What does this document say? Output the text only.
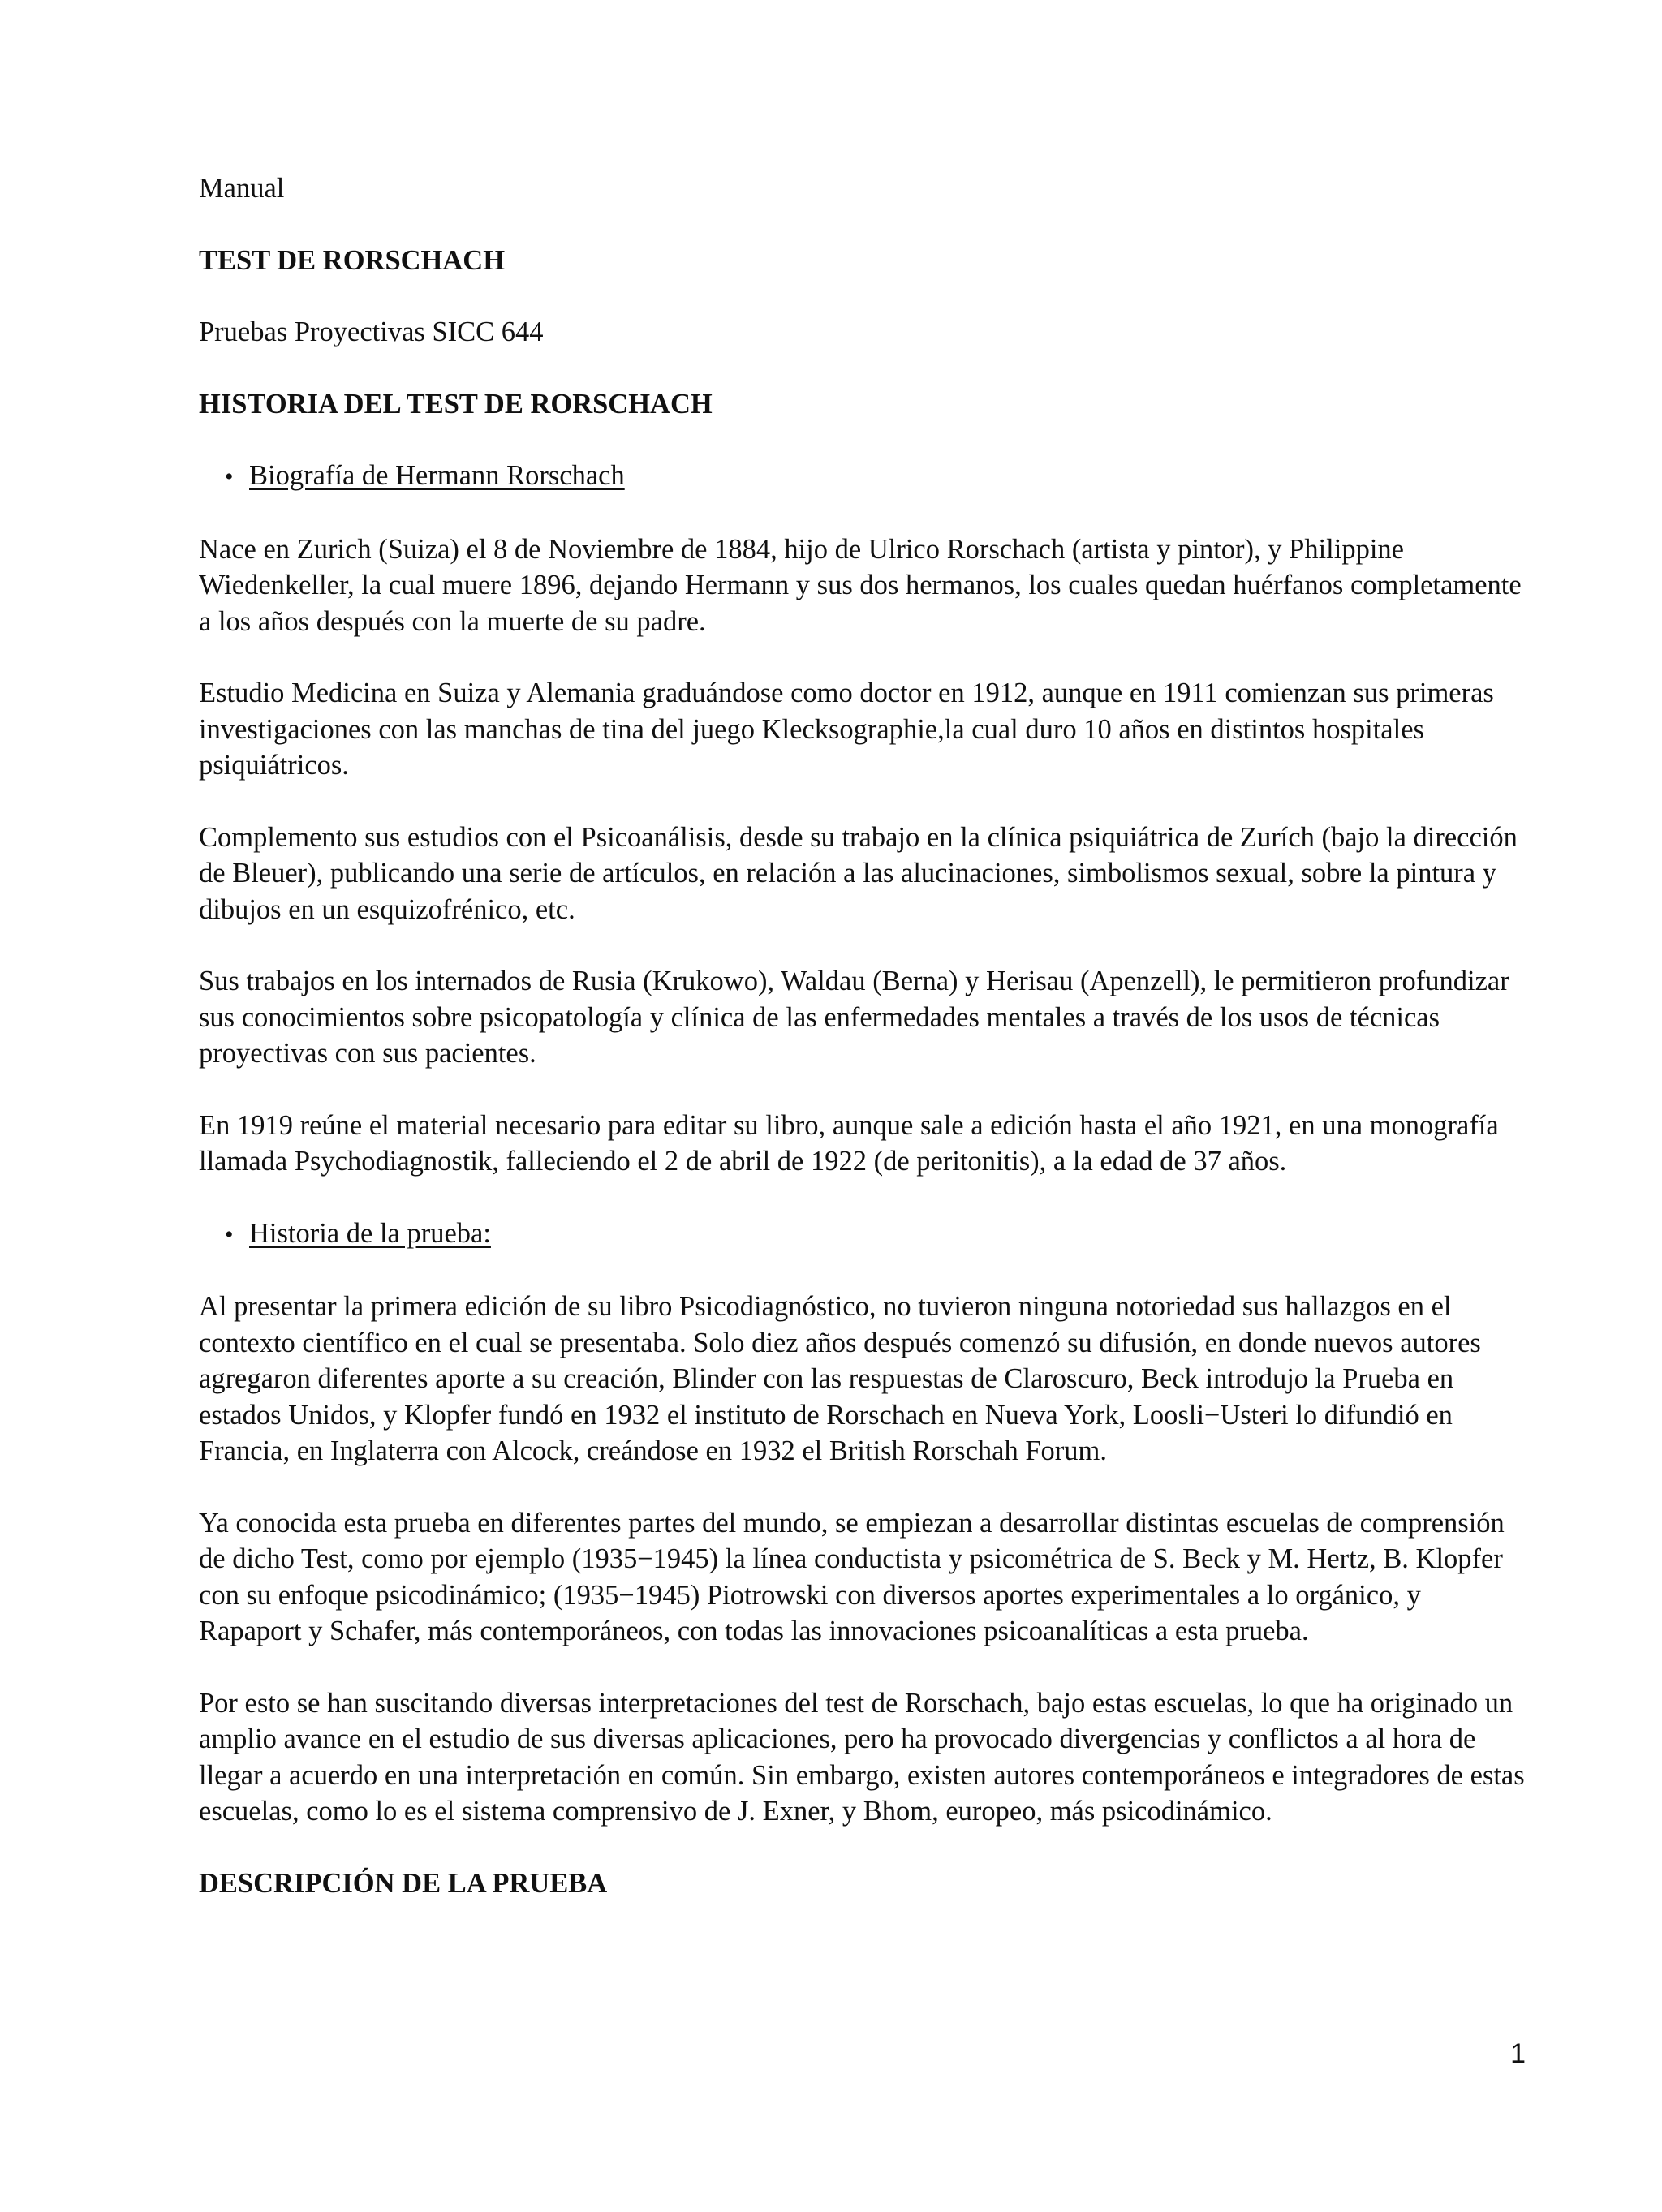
Manual
TEST DE RORSCHACH
Pruebas Proyectivas SICC 644
HISTORIA DEL TEST DE RORSCHACH
• Biografía de Hermann Rorschach
Nace en Zurich (Suiza) el 8 de Noviembre de 1884, hijo de Ulrico Rorschach (artista y pintor), y Philippine Wiedenkeller, la cual muere 1896, dejando Hermann y sus dos hermanos, los cuales quedan huérfanos completamente a los años después con la muerte de su padre.
Estudio Medicina en Suiza y Alemania graduándose como doctor en 1912, aunque en 1911 comienzan sus primeras investigaciones con las manchas de tina del juego Klecksographie,la cual duro 10 años en distintos hospitales psiquiátricos.
Complemento sus estudios con el Psicoanálisis, desde su trabajo en la clínica psiquiátrica de Zurích (bajo la dirección de Bleuer), publicando una serie de artículos, en relación a las alucinaciones, simbolismos sexual, sobre la pintura y dibujos en un esquizofrénico, etc.
Sus trabajos en los internados de Rusia (Krukowo), Waldau (Berna) y Herisau (Apenzell), le permitieron profundizar sus conocimientos sobre psicopatología y clínica de las enfermedades mentales a través de los usos de técnicas proyectivas con sus pacientes.
En 1919 reúne el material necesario para editar su libro, aunque sale a edición hasta el año 1921, en una monografía llamada Psychodiagnostik, falleciendo el 2 de abril de 1922 (de peritonitis), a la edad de 37 años.
• Historia de la prueba:
Al presentar la primera edición de su libro Psicodiagnóstico, no tuvieron ninguna notoriedad sus hallazgos en el contexto científico en el cual se presentaba. Solo diez años después comenzó su difusión, en donde nuevos autores agregaron diferentes aporte a su creación, Blinder con las respuestas de Claroscuro, Beck introdujo la Prueba en estados Unidos, y Klopfer fundó en 1932 el instituto de Rorschach en Nueva York, Loosli−Usteri lo difundió en Francia, en Inglaterra con Alcock, creándose en 1932 el British Rorschah Forum.
Ya conocida esta prueba en diferentes partes del mundo, se empiezan a desarrollar distintas escuelas de comprensión de dicho Test, como por ejemplo (1935−1945) la línea conductista y psicométrica de S. Beck y M. Hertz, B. Klopfer con su enfoque psicodinámico; (1935−1945) Piotrowski con diversos aportes experimentales a lo orgánico, y Rapaport y Schafer, más contemporáneos, con todas las innovaciones psicoanalíticas a esta prueba.
Por esto se han suscitando diversas interpretaciones del test de Rorschach, bajo estas escuelas, lo que ha originado un amplio avance en el estudio de sus diversas aplicaciones, pero ha provocado divergencias y conflictos a al hora de llegar a acuerdo en una interpretación en común. Sin embargo, existen autores contemporáneos e integradores de estas escuelas, como lo es el sistema comprensivo de J. Exner, y Bhom, europeo, más psicodinámico.
DESCRIPCIÓN DE LA PRUEBA
1
